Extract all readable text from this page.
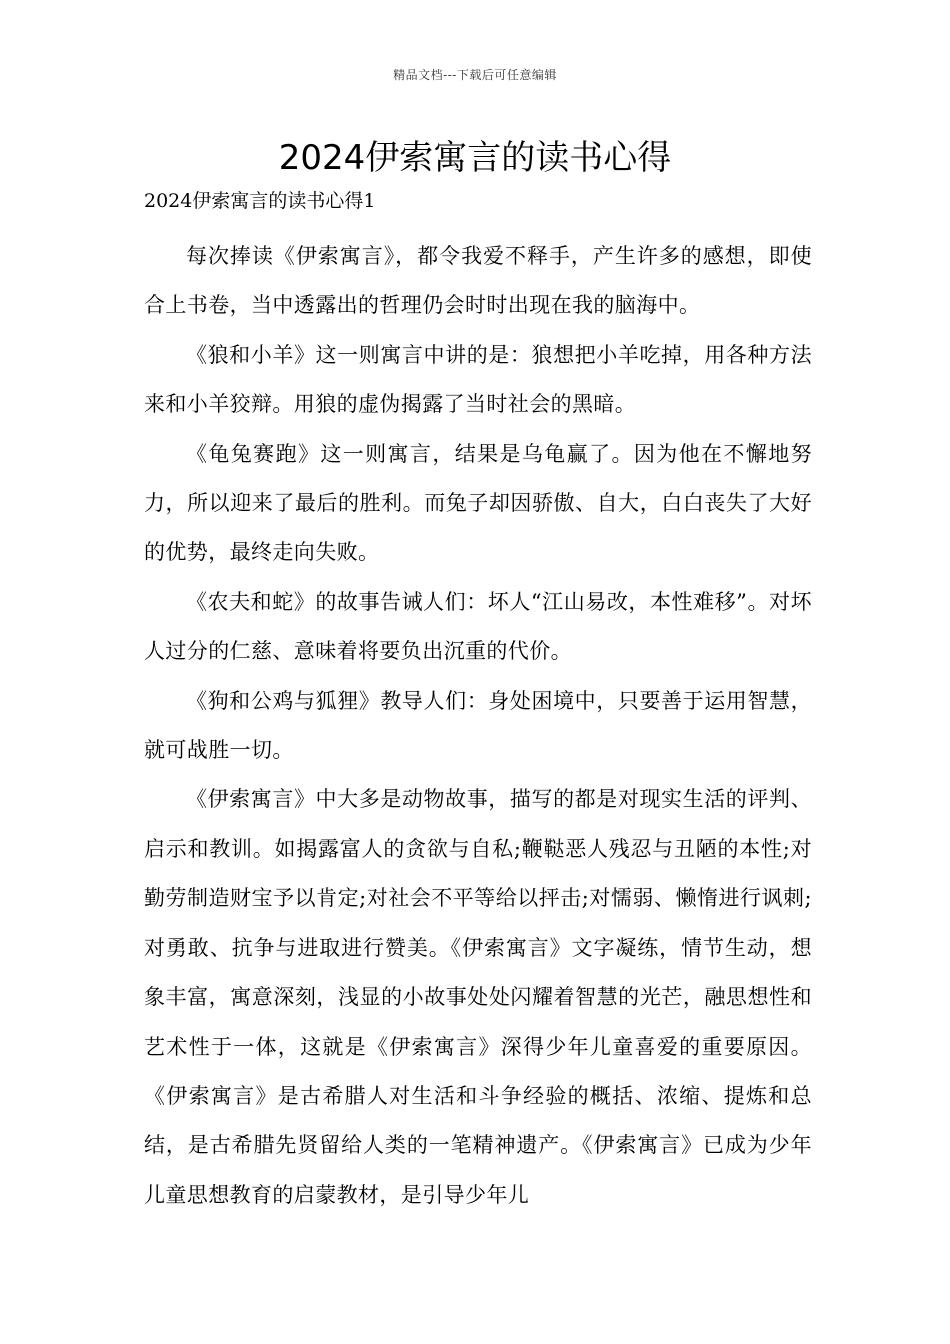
精品文档---下载后可任意编辑
2024伊索寓言的读书心得
2024伊索寓言的读书心得1

每次捧读《伊索寓言》，都令我爱不释手，产生许多的感想，即使合上书卷，当中透露出的哲理仍会时时出现在我的脑海中。

《狼和小羊》这一则寓言中讲的是：狼想把小羊吃掉，用各种方法来和小羊狡辩。用狼的虚伪揭露了当时社会的黑暗。

《龟兔赛跑》这一则寓言，结果是乌龟赢了。因为他在不懈地努力，所以迎来了最后的胜利。而兔子却因骄傲、自大，白白丧失了大好的优势，最终走向失败。

《农夫和蛇》的故事告诫人们：坏人“江山易改，本性难移”。对坏人过分的仁慈、意味着将要负出沉重的代价。

《狗和公鸡与狐狸》教导人们：身处困境中，只要善于运用智慧，就可战胜一切。

《伊索寓言》中大多是动物故事，描写的都是对现实生活的评判、启示和教训。如揭露富人的贪欲与自私;鞭鞑恶人残忍与丑陋的本性;对勤劳制造财宝予以肯定;对社会不平等给以抨击;对懦弱、懒惰进行讽刺;对勇敢、抗争与进取进行赞美。《伊索寓言》文字凝练，情节生动，想象丰富，寓意深刻，浅显的小故事处处闪耀着智慧的光芒，融思想性和艺术性于一体，这就是《伊索寓言》深得少年儿童喜爱的重要原因。《伊索寓言》是古希腊人对生活和斗争经验的概括、浓缩、提炼和总结，是古希腊先贤留给人类的一笔精神遗产。《伊索寓言》已成为少年儿童思想教育的启蒙教材，是引导少年儿
